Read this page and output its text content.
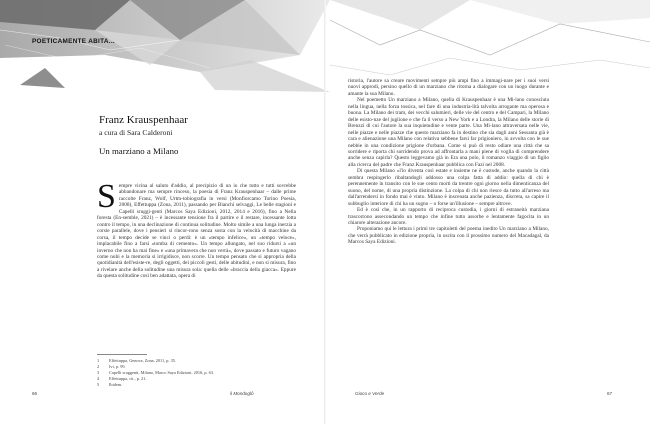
POETICAMENTE ABITA...
Franz Krauspenhaar
a cura di Sara Calderoni
Un marziano a Milano
Sempre vicina al saluto d'addio, al precipizio di un io che tutto e tutti sovrebbe abbandonare ma sempre rinceso, la poesia di Franz Krauspenhaar – dalle prime raccolte Franz, Wolf, Urtm-tobiografia in versi (Monfiorcamo Torino Poesia, 2008), Effettuppa (Zona, 2011), passando per Bianchi selvaggi, Le belle stagioni e Capelli sruggi-genti (Marcos Saya Edizioni, 2012, 2014 e 2016), fino a Nella foresta (En-semble, 2021) – è incessante tensione fra il partire e il restare, incessante lotta contro il tempo, in una declinazione di continua solitudine. Molto simile a una lunga inerzia a corsie parallele, dove i pensieri si rincor-rono senza sosta con la velocità di macchine da corsa, il tempo decide se vinci o perdi: è un «tempo infelice», un «tempo veloce», implacabile fino a farsi «tomba di cemento». Un tempo allungato, nel suo ridursi a «un inverno che non ha mai fine» e «una primavera che non verrà», dove passato e futuro vagano come nubi e la memoria si irrigidisce, non scorre. Un tempo pensato che si appropria della quotidianità dell'esiste-re, degli oggetti, dei piccoli gesti, delle abitudini, e non si misura, fino a rivelare anche della solitudine una misura sola: quella delle «braccia della giacca». Eppure da questa solitudine così ben adattata, opera di
1	Effettuppa, Genova, Zona, 2011, p. 35.
2	Ivi, p. 99.
3	Capelli sruggenti, Milano, Marco Saya Edizioni, 2016, p. 63.
4	Effettuppa, cit., p. 21.
5	Ibidem.
66	il Mondoglô

ristoria, l'autore sa creare movimenti sempre più ampi fino a immagi-nare per i suoi versi nuovi approdi, persino quello di un marziano che ritorna a dialogare con un luogo durante e amante la sua Milano.

Nel poemetto Un marziano a Milano, quella di Krauspenhaar è una Mi-lano conosciuta nella lingua, nella forza tossica, nel fare di una industria-lità talvolta arrogante ma operosa e buona. La Milano dei tram, dei vecchi salumieri, delle vie del centro e del Campari, la Milano delle esisto-nze del juglione e che fa il verso a New York e a Londra, la Milano delle storie di Brenzzi di cui l'autore la sua inquietudine e vente parte. Una Mi-lano attraversata nelle vie, nelle piazze e nelle piazze che questo marziano fa in destino che sia dagli anni Sessanta già è cara e alienazione una Milano con relativa sebbene farsi far prigioniero, in avvolta con le sue nebbie in una condizione prigione d'urbana. Come si può di resto odiare una città che sa sorridere e riporta chi sorridendo prova ad affrontarla a mani piene di voglia di comprendere anche senza capirla? Questo leggevamo già in Era una polo, il romanzo viaggio di un figlio alla ricerca del padre che Franz Krauspenhaar pubblica con Fazi nel 2008.

Di questa Milano «l'io diventa così estate e insieme ne è custode, anche quando la città sembra respingerlo ribaltandogli addosso una colpa fatta di addio: quella di chi è perennemente in transito con le sue cento morti da trentre ogni giorno nella dimenticanza del suono, del nome, di una propria distinzione. La colpa di chi non riesce da tutto all'arreso ma dall'arrendersi in fondo mai è vinto. Milano è inscenata anche pazienza, discreta, sa capire il subbuglio interiore di chi ha un sogno – o forse un'illusione – sempre altrove.

Ed è così che, in un rapporto di reciproca custodia, i giorni di estraneità marziana trascorrono assecondando un tempo che infine tutto assorbe e lentamente fagocita in un chiarore alterazione ancore.

Proponiamo qui le lettura i primi tre capitoletti del poema inedito Un marziano a Milano, che verrà pubblicato in edizione propria, in uscita con il prossimo numero del Macadagal, da Marcos Saya Edizioni.

Gioco e Verde	67
